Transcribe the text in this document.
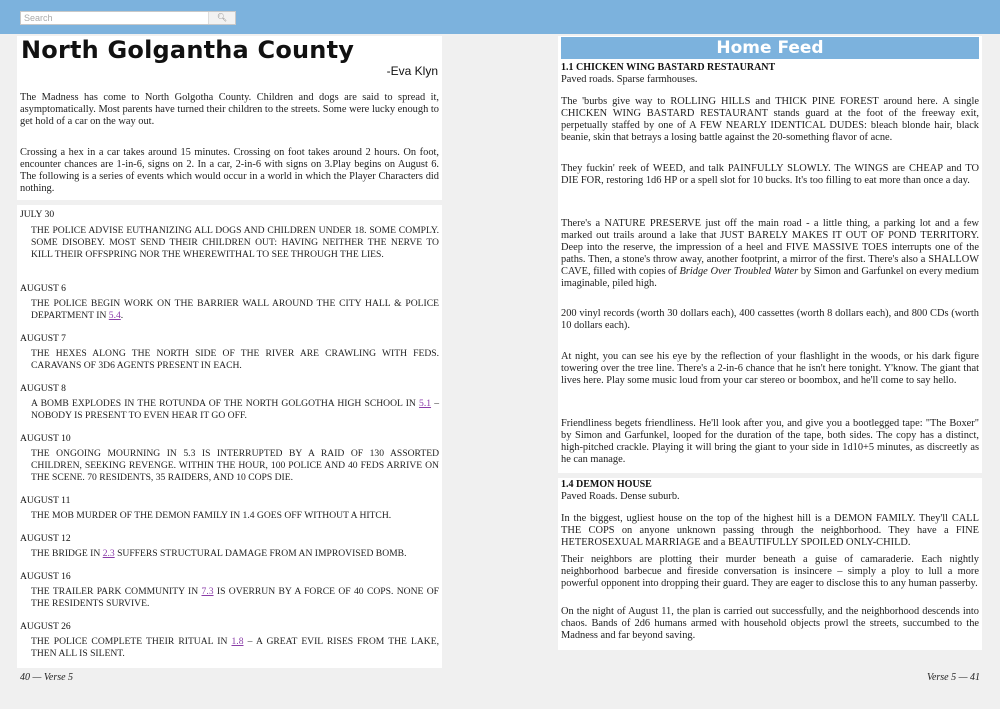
Search
🔍︎
North Golgantha County
-Eva Klyn

The Madness has come to North Golgotha County. Children and dogs are said to spread it, asymptomatically. Most parents have turned their children to the streets. Some were lucky enough to get hold of a car on the way out.

Crossing a hex in a car takes around 15 minutes. Crossing on foot takes around 2 hours. On foot, encounter chances are 1-in-6, signs on 2. In a car, 2-in-6 with signs on 3.Play begins on August 6. The following is a series of events which would occur in a world in which the Player Characters did nothing.

JULY 30

THE POLICE ADVISE EUTHANIZING ALL DOGS AND CHILDREN UNDER 18. SOME COMPLY. SOME DISOBEY. MOST SEND THEIR CHILDREN OUT: HAVING NEITHER THE NERVE TO KILL THEIR OFFSPRING NOR THE WHEREWITHAL TO SEE THROUGH THE LIES.

AUGUST 6

THE POLICE BEGIN WORK ON THE BARRIER WALL AROUND THE CITY HALL & POLICE DEPARTMENT IN 5.4.

AUGUST 7

THE HEXES ALONG THE NORTH SIDE OF THE RIVER ARE CRAWLING WITH FEDS. CARAVANS OF 3D6 AGENTS PRESENT IN EACH.

AUGUST 8

A BOMB EXPLODES IN THE ROTUNDA OF THE NORTH GOLGOTHA HIGH SCHOOL IN 5.1 – NOBODY IS PRESENT TO EVEN HEAR IT GO OFF.

AUGUST 10

THE ONGOING MOURNING IN 5.3 IS INTERRUPTED BY A RAID OF 130 ASSORTED CHILDREN, SEEKING REVENGE. WITHIN THE HOUR, 100 POLICE AND 40 FEDS ARRIVE ON THE SCENE. 70 RESIDENTS, 35 RAIDERS, AND 10 COPS DIE.

AUGUST 11

THE MOB MURDER OF THE DEMON FAMILY IN 1.4 GOES OFF WITHOUT A HITCH.

AUGUST 12

THE BRIDGE IN 2.3 SUFFERS STRUCTURAL DAMAGE FROM AN IMPROVISED BOMB.

AUGUST 16

THE TRAILER PARK COMMUNITY IN 7.3 IS OVERRUN BY A FORCE OF 40 COPS. NONE OF THE RESIDENTS SURVIVE.

AUGUST 26

THE POLICE COMPLETE THEIR RITUAL IN 1.8 – A GREAT EVIL RISES FROM THE LAKE, THEN ALL IS SILENT.

40 — Verse 5
Home Feed
1.1 CHICKEN WING BASTARD RESTAURANT
Paved roads. Sparse farmhouses.

The 'burbs give way to ROLLING HILLS and THICK PINE FOREST around here. A single CHICKEN WING BASTARD RESTAURANT stands guard at the foot of the freeway exit, perpetually staffed by one of A FEW NEARLY IDENTICAL DUDES: bleach blonde hair, black beanie, skin that betrays a losing battle against the 20-something flavor of acne.

They fuckin' reek of WEED, and talk PAINFULLY SLOWLY. The WINGS are CHEAP and TO DIE FOR, restoring 1d6 HP or a spell slot for 10 bucks. It's too filling to eat more than once a day.

There's a NATURE PRESERVE just off the main road - a little thing, a parking lot and a few marked out trails around a lake that JUST BARELY MAKES IT OUT OF POND TERRITORY. Deep into the reserve, the impression of a heel and FIVE MASSIVE TOES interrupts one of the paths. Then, a stone's throw away, another footprint, a mirror of the first. There's also a SHALLOW CAVE, filled with copies of Bridge Over Troubled Water by Simon and Garfunkel on every medium imaginable, piled high.

200 vinyl records (worth 30 dollars each), 400 cassettes (worth 8 dollars each), and 800 CDs (worth 10 dollars each).

At night, you can see his eye by the reflection of your flashlight in the woods, or his dark figure towering over the tree line. There's a 2-in-6 chance that he isn't here tonight. Y'know. The giant that lives here. Play some music loud from your car stereo or boombox, and he'll come to say hello.

Friendliness begets friendliness. He'll look after you, and give you a bootlegged tape: "The Boxer" by Simon and Garfunkel, looped for the duration of the tape, both sides. The copy has a distinct, high-pitched crackle. Playing it will bring the giant to your side in 1d10+5 minutes, as discreetly as he can manage.

1.4 DEMON HOUSE
Paved Roads. Dense suburb.

In the biggest, ugliest house on the top of the highest hill is a DEMON FAMILY. They'll CALL THE COPS on anyone unknown passing through the neighborhood. They have a FINE HETEROSEXUAL MARRIAGE and a BEAUTIFULLY SPOILED ONLY-CHILD.

Their neighbors are plotting their murder beneath a guise of camaraderie. Each nightly neighborhood barbecue and fireside conversation is insincere – simply a ploy to lull a more powerful opponent into dropping their guard. They are eager to disclose this to any human passerby.

On the night of August 11, the plan is carried out successfully, and the neighborhood descends into chaos. Bands of 2d6 humans armed with household objects prowl the streets, succumbed to the Madness and far beyond saving.

Verse 5 — 41
